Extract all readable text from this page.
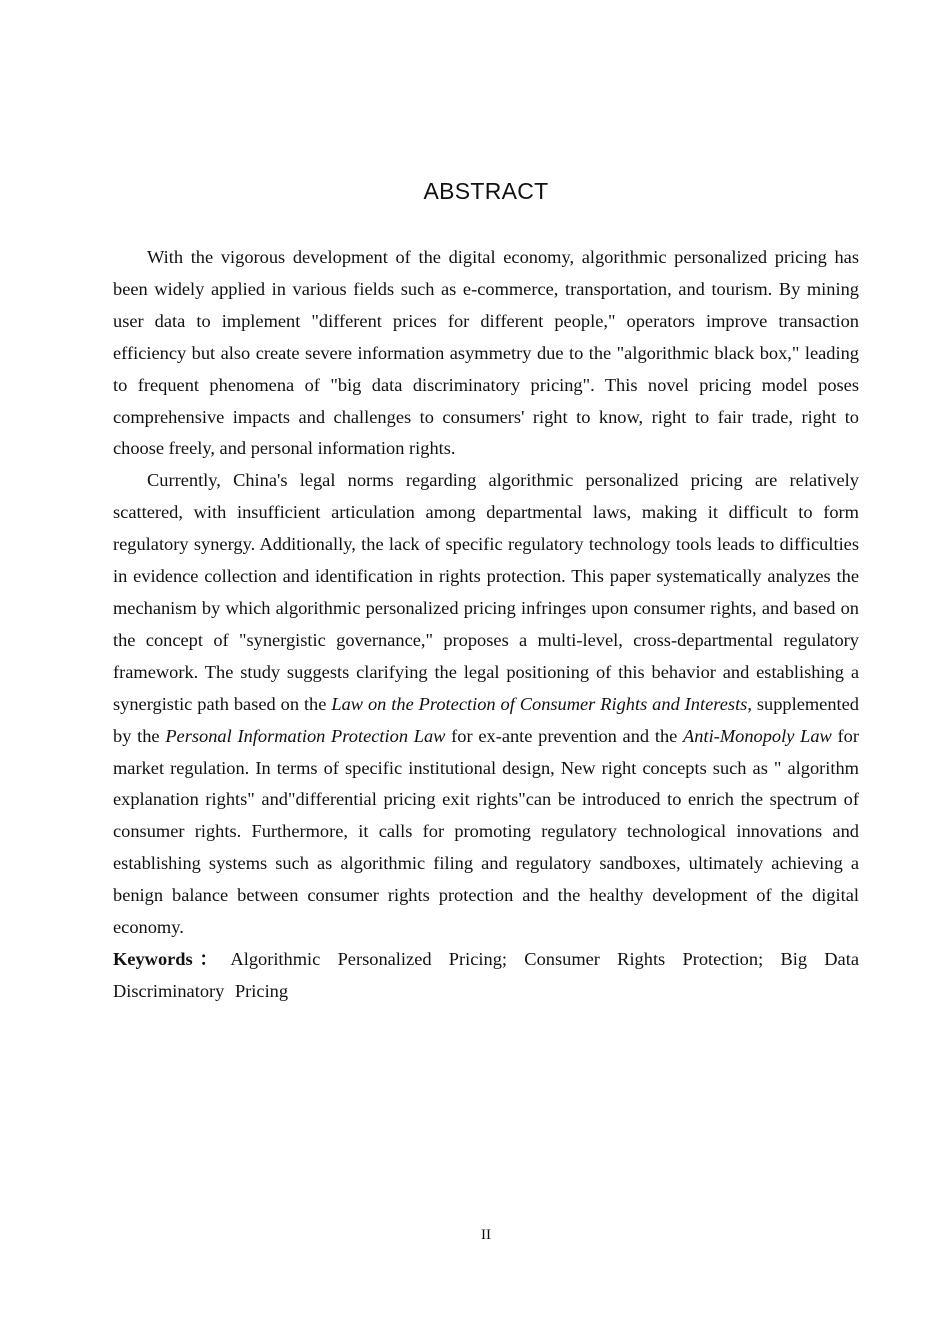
ABSTRACT

With the vigorous development of the digital economy, algorithmic personalized pricing has been widely applied in various fields such as e-commerce, transportation, and tourism. By mining user data to implement "different prices for different people," operators improve transaction efficiency but also create severe information asymmetry due to the "algorithmic black box," leading to frequent phenomena of "big data discriminatory pricing". This novel pricing model poses comprehensive impacts and challenges to consumers' right to know, right to fair trade, right to choose freely, and personal information rights.

Currently, China's legal norms regarding algorithmic personalized pricing are relatively scattered, with insufficient articulation among departmental laws, making it difficult to form regulatory synergy. Additionally, the lack of specific regulatory technology tools leads to difficulties in evidence collection and identification in rights protection. This paper systematically analyzes the mechanism by which algorithmic personalized pricing infringes upon consumer rights, and based on the concept of "synergistic governance," proposes a multi-level, cross-departmental regulatory framework. The study suggests clarifying the legal positioning of this behavior and establishing a synergistic path based on the Law on the Protection of Consumer Rights and Interests, supplemented by the Personal Information Protection Law for ex-ante prevention and the Anti-Monopoly Law for market regulation. In terms of specific institutional design, New right concepts such as " algorithm explanation rights" and"differential pricing exit rights"can be introduced to enrich the spectrum of consumer rights. Furthermore, it calls for promoting regulatory technological innovations and establishing systems such as algorithmic filing and regulatory sandboxes, ultimately achieving a benign balance between consumer rights protection and the healthy development of the digital economy.

Keywords： Algorithmic Personalized Pricing; Consumer Rights Protection; Big Data Discriminatory Pricing

II
